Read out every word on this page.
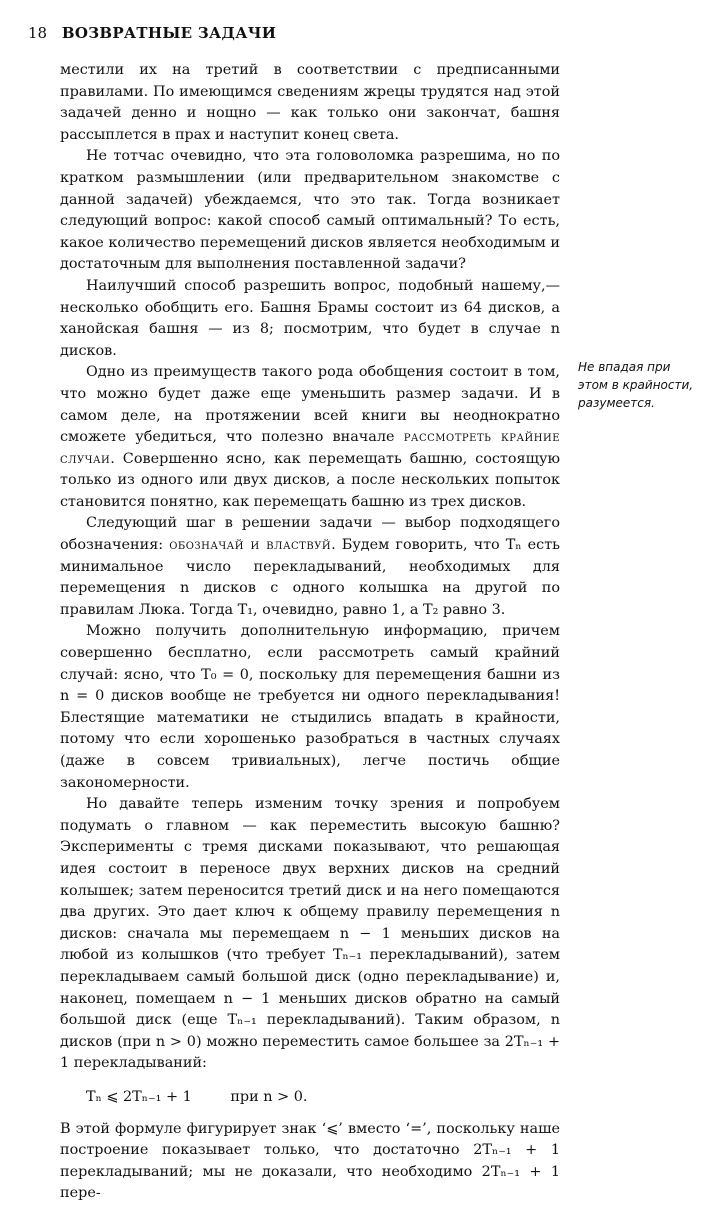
18 ВОЗВРАТНЫЕ ЗАДАЧИ

местили их на третий в соответствии с предписанными правилами. По имеющимся сведениям жрецы трудятся над этой задачей денно и нощно — как только они закончат, башня рассыплется в прах и наступит конец света.

Не тотчас очевидно, что эта головоломка разрешима, но по кратком размышлении (или предварительном знакомстве с данной задачей) убеждаемся, что это так. Тогда возникает следующий вопрос: какой способ самый оптимальный? То есть, какое количество перемещений дисков является необходимым и достаточным для выполнения поставленной задачи?

Наилучший способ разрешить вопрос, подобный нашему,— несколько обобщить его. Башня Брамы состоит из 64 дисков, а ханойская башня — из 8; посмотрим, что будет в случае n дисков.

Одно из преимуществ такого рода обобщения состоит в том, что можно будет даже еще уменьшить размер задачи. И в самом деле, на протяжении всей книги вы неоднократно сможете убедиться, что полезно вначале рассмотреть крайние случаи. Совершенно ясно, как перемещать башню, состоящую только из одного или двух дисков, а после нескольких попыток становится понятно, как перемещать башню из трех дисков.

Следующий шаг в решении задачи — выбор подходящего обозначения: обозначай и властвуй. Будем говорить, что Tₙ есть минимальное число перекладываний, необходимых для перемещения n дисков с одного колышка на другой по правилам Люка. Тогда T₁, очевидно, равно 1, а T₂ равно 3.

Можно получить дополнительную информацию, причем совершенно бесплатно, если рассмотреть самый крайний случай: ясно, что T₀ = 0, поскольку для перемещения башни из n = 0 дисков вообще не требуется ни одного перекладывания! Блестящие математики не стыдились впадать в крайности, потому что если хорошенько разобраться в частных случаях (даже в совсем тривиальных), легче постичь общие закономерности.

Но давайте теперь изменим точку зрения и попробуем подумать о главном — как переместить высокую башню? Эксперименты с тремя дисками показывают, что решающая идея состоит в переносе двух верхних дисков на средний колышек; затем переносится третий диск и на него помещаются два других. Это дает ключ к общему правилу перемещения n дисков: сначала мы перемещаем n − 1 меньших дисков на любой из колышков (что требует Tₙ₋₁ перекладываний), затем перекладываем самый большой диск (одно перекладывание) и, наконец, помещаем n − 1 меньших дисков обратно на самый большой диск (еще Tₙ₋₁ перекладываний). Таким образом, n дисков (при n > 0) можно переместить самое большее за 2Tₙ₋₁ + 1 перекладываний:

Tₙ ⩽ 2Tₙ₋₁ + 1	при n > 0.

В этой формуле фигурирует знак ‘⩽’ вместо ‘=’, поскольку наше построение показывает только, что достаточно 2Tₙ₋₁ + 1 перекладываний; мы не доказали, что необходимо 2Tₙ₋₁ + 1 пере-

Не впадая при этом в крайности, разумеется.
